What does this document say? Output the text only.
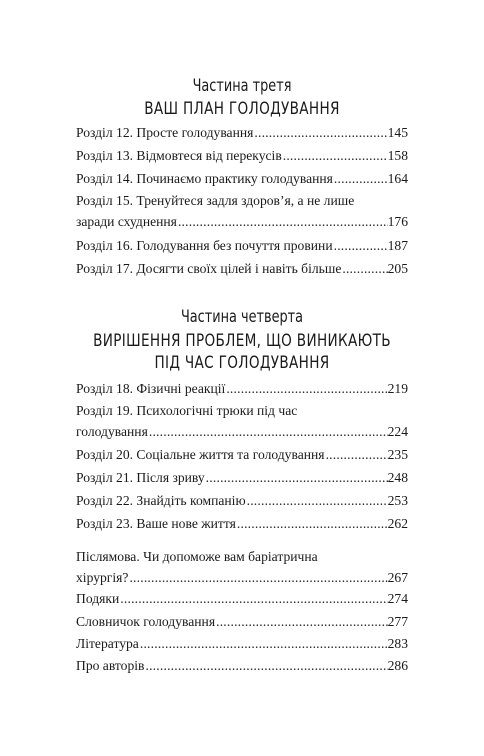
Частина третя
ВАШ ПЛАН ГОЛОДУВАННЯ
Розділ 12. Просте голодування .....	145
Розділ 13. Відмовтеся від перекусів .....	158
Розділ 14. Починаємо практику голодування .....	164
Розділ 15. Тренуйтеся задля здоров’я, а не лише
заради схуднення .....	176
Розділ 16. Голодування без почуття провини .....	187
Розділ 17. Досягти своїх цілей і навіть більше .....	205
Частина четверта
ВИРІШЕННЯ ПРОБЛЕМ, ЩО ВИНИКАЮТЬ
ПІД ЧАС ГОЛОДУВАННЯ
Розділ 18. Фізичні реакції .....	219
Розділ 19. Психологічні трюки під час
голодування .....	224
Розділ 20. Соціальне життя та голодування .....	235
Розділ 21. Після зриву .....	248
Розділ 22. Знайдіть компанію .....	253
Розділ 23. Ваше нове життя .....	262
Післямова. Чи допоможе вам баріатрична
хірургія? .....	267
Подяки .....	274
Словничок голодування .....	277
Література .....	283
Про авторів .....	286
